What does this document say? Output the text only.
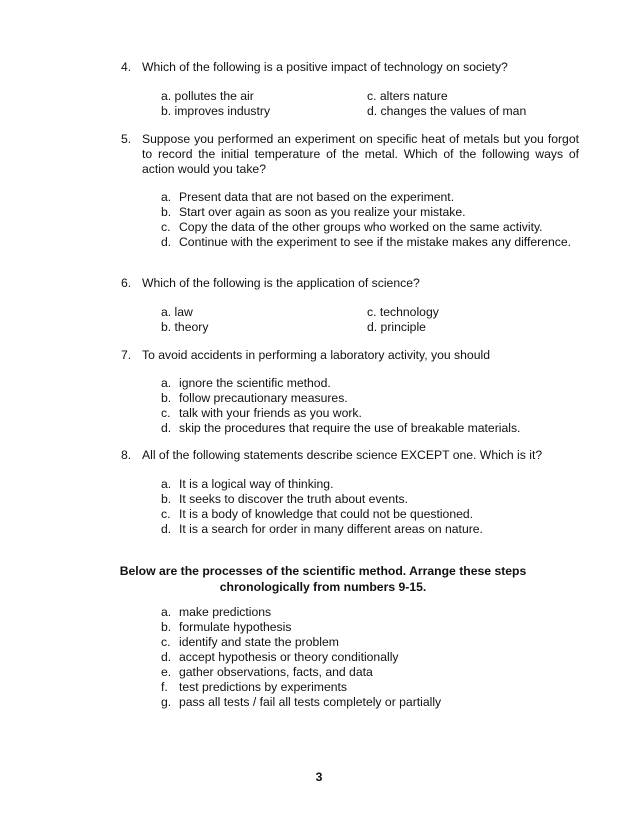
4. Which of the following is a positive impact of technology on society?
a. pollutes the air	c. alters nature
b. improves industry	d. changes the values of man
5. Suppose you performed an experiment on specific heat of metals but you forgot to record the initial temperature of the metal. Which of the following ways of action would you take?
a. Present data that are not based on the experiment.
b. Start over again as soon as you realize your mistake.
c. Copy the data of the other groups who worked on the same activity.
d. Continue with the experiment to see if the mistake makes any difference.
6. Which of the following is the application of science?
a. law	c. technology
b. theory	d. principle
7. To avoid accidents in performing a laboratory activity, you should
a. ignore the scientific method.
b. follow precautionary measures.
c. talk with your friends as you work.
d. skip the procedures that require the use of breakable materials.
8. All of the following statements describe science EXCEPT one. Which is it?
a. It is a logical way of thinking.
b. It seeks to discover the truth about events.
c. It is a body of knowledge that could not be questioned.
d. It is a search for order in many different areas on nature.
Below are the processes of the scientific method. Arrange these steps
chronologically from numbers 9-15.
a. make predictions
b. formulate hypothesis
c. identify and state the problem
d. accept hypothesis or theory conditionally
e. gather observations, facts, and data
f. test predictions by experiments
g. pass all tests / fail all tests completely or partially
3
